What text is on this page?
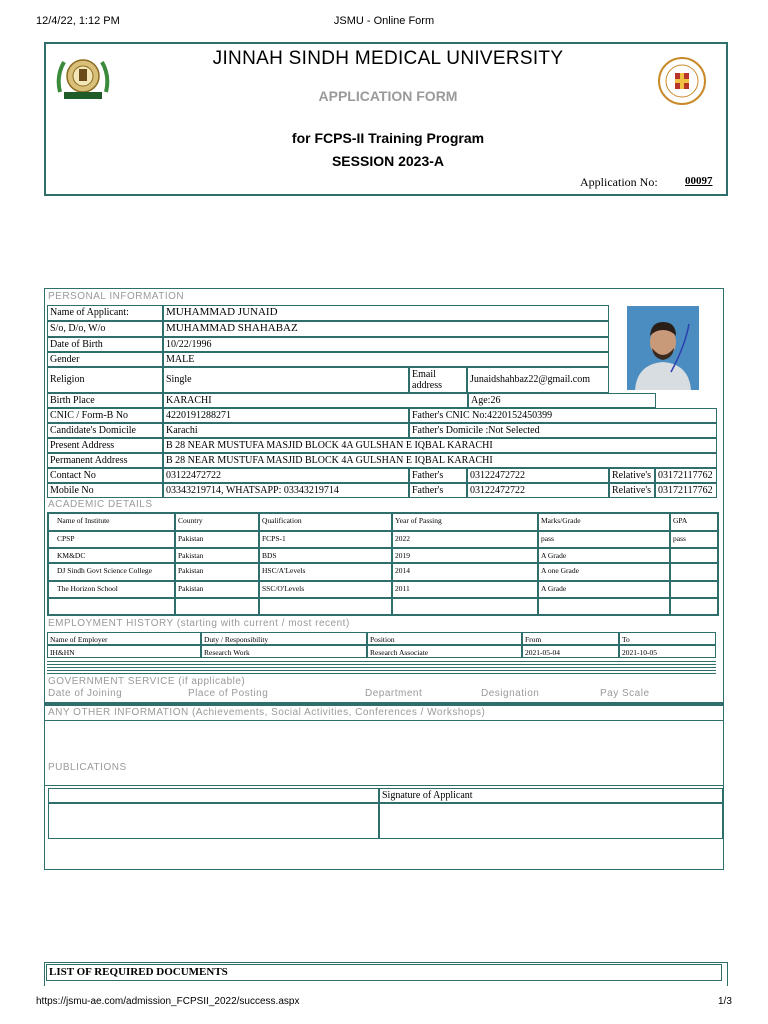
12/4/22, 1:12 PM	JSMU - Online Form
JINNAH SINDH MEDICAL UNIVERSITY
APPLICATION FORM
for FCPS-II Training Program
SESSION 2023-A
Application No: 00097
PERSONAL INFORMATION
Name of Applicant:	MUHAMMAD JUNAID
S/o, D/o, W/o	MUHAMMAD SHAHABAZ
Date of Birth	10/22/1996
Gender	MALE
Religion	Single	Email
address
Junaidshahbaz22@gmail.com
Birth Place	KARACHI	Age:26
CNIC / Form-B No	4220191288271	Father's CNIC No:4220152450399
Candidate's Domicile	Karachi	Father's Domicile :Not Selected
Present Address	B 28 NEAR MUSTUFA MASJID BLOCK 4A GULSHAN E IQBAL KARACHI
Permanent Address	B 28 NEAR MUSTUFA MASJID BLOCK 4A GULSHAN E IQBAL KARACHI
Contact No	03122472722	Father's	03122472722	Relative's 03172117762
Mobile No	03343219714, WHATSAPP: 03343219714	Father's	03122472722	Relative's 03172117762
ACADEMIC DETAILS
Name of Institute	Country	Qualification	Year of Passing	Marks/Grade	GPA
CPSP	Pakistan	FCPS-1	2022	pass	pass
KM&DC	Pakistan	BDS	2019	A Grade
DJ Sindh Govt Science College	Pakistan	HSC/A'Levels	2014	A one Grade
The Horizon School	Pakistan	SSC/O'Levels	2011	A Grade
EMPLOYMENT HISTORY (starting with current / most recent)
Name of Employer	Duty / Responsibility	Position	From	To
IH&HN	Research Work	Research Associate	2021-05-04	2021-10-05
GOVERNMENT SERVICE (if applicable)
Date of Joining	Place of Posting	Department	Designation	Pay Scale
ANY OTHER INFORMATION (Achievements, Social Activities, Conferences / Workshops)
PUBLICATIONS
Signature of Applicant
LIST OF REQUIRED DOCUMENTS
https://jsmu-ae.com/admission_FCPSII_2022/success.aspx	1/3
